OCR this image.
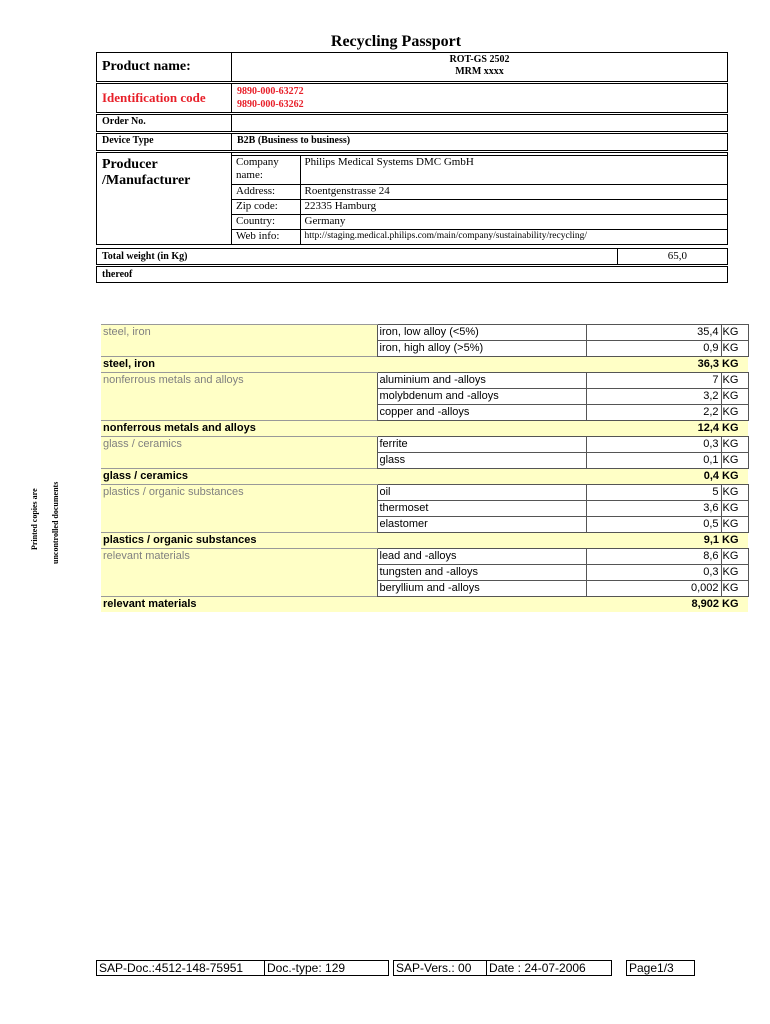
Recycling Passport
Product name:	ROT-GS 2502
MRM xxxx

Identification code	9890-000-63272
9890-000-63262

Order No.	
Device Type	B2B (Business to business)

Producer
/Manufacturer

Company
name:
	Philips Medical Systems DMC GmbH
Address:	Roentgenstrasse 24
Zip code:	22335 Hamburg
Country:	Germany
Web info:	http://staging.medical.philips.com/main/company/sustainability/recycling/
Total weight (in Kg)	65,0
thereof
steel, iron	iron, low alloy (<5%)	35,4	KG
	iron, high alloy (>5%)	0,9	KG
steel, iron		36,3	KG
nonferrous metals and alloys	aluminium and -alloys	7	KG
	molybdenum and -alloys	3,2	KG
	copper and -alloys	2,2	KG
nonferrous metals and alloys		12,4	KG
glass / ceramics	ferrite	0,3	KG
	glass	0,1	KG
glass / ceramics		0,4	KG
plastics / organic substances	oil	5	KG
	thermoset	3,6	KG
	elastomer	0,5	KG
plastics / organic substances		9,1	KG
relevant materials	lead and -alloys	8,6	KG
	tungsten and -alloys	0,3	KG
	beryllium and -alloys	0,002	KG
relevant materials		8,902	KG
Printed copies are uncontrolled documents
SAP-Doc.:4512-148-75951	Doc.-type: 129	SAP-Vers.: 00	Date : 24-07-2006	Page1/3
